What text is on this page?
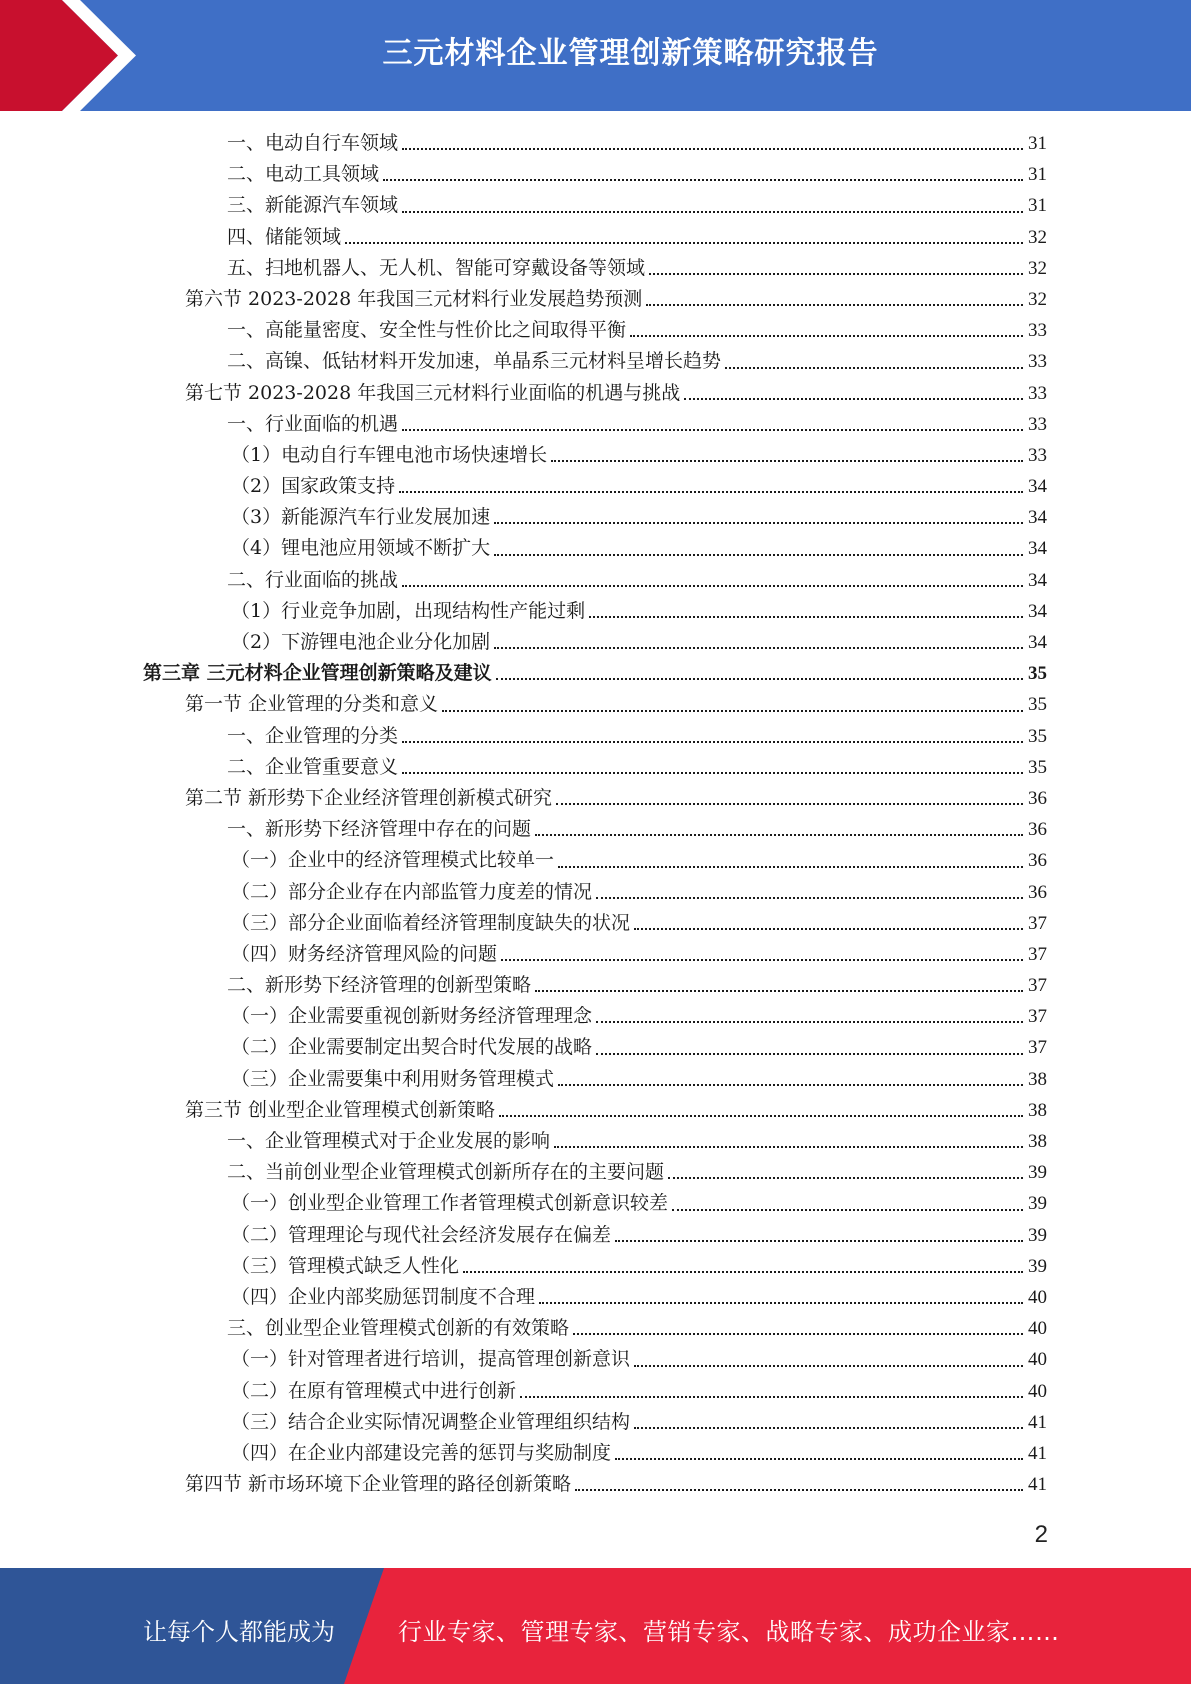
三元材料企业管理创新策略研究报告
一、电动自行车领域	31
二、电动工具领域	31
三、新能源汽车领域	31
四、储能领域	32
五、扫地机器人、无人机、智能可穿戴设备等领域	32
第六节 2023-2028 年我国三元材料行业发展趋势预测	32
一、高能量密度、安全性与性价比之间取得平衡	33
二、高镍、低钴材料开发加速，单晶系三元材料呈增长趋势	33
第七节 2023-2028 年我国三元材料行业面临的机遇与挑战	33
一、行业面临的机遇	33
（1）电动自行车锂电池市场快速增长	33
（2）国家政策支持	34
（3）新能源汽车行业发展加速	34
（4）锂电池应用领域不断扩大	34
二、行业面临的挑战	34
（1）行业竞争加剧，出现结构性产能过剩	34
（2）下游锂电池企业分化加剧	34
第三章 三元材料企业管理创新策略及建议	35
第一节 企业管理的分类和意义	35
一、企业管理的分类	35
二、企业管重要意义	35
第二节 新形势下企业经济管理创新模式研究	36
一、新形势下经济管理中存在的问题	36
（一）企业中的经济管理模式比较单一	36
（二）部分企业存在内部监管力度差的情况	36
（三）部分企业面临着经济管理制度缺失的状况	37
（四）财务经济管理风险的问题	37
二、新形势下经济管理的创新型策略	37
（一）企业需要重视创新财务经济管理理念	37
（二）企业需要制定出契合时代发展的战略	37
（三）企业需要集中利用财务管理模式	38
第三节 创业型企业管理模式创新策略	38
一、企业管理模式对于企业发展的影响	38
二、当前创业型企业管理模式创新所存在的主要问题	39
（一）创业型企业管理工作者管理模式创新意识较差	39
（二）管理理论与现代社会经济发展存在偏差	39
（三）管理模式缺乏人性化	39
（四）企业内部奖励惩罚制度不合理	40
三、创业型企业管理模式创新的有效策略	40
（一）针对管理者进行培训，提高管理创新意识	40
（二）在原有管理模式中进行创新	40
（三）结合企业实际情况调整企业管理组织结构	41
（四）在企业内部建设完善的惩罚与奖励制度	41
第四节 新市场环境下企业管理的路径创新策略	41
2
让每个人都能成为	行业专家、管理专家、营销专家、战略专家、成功企业家……
